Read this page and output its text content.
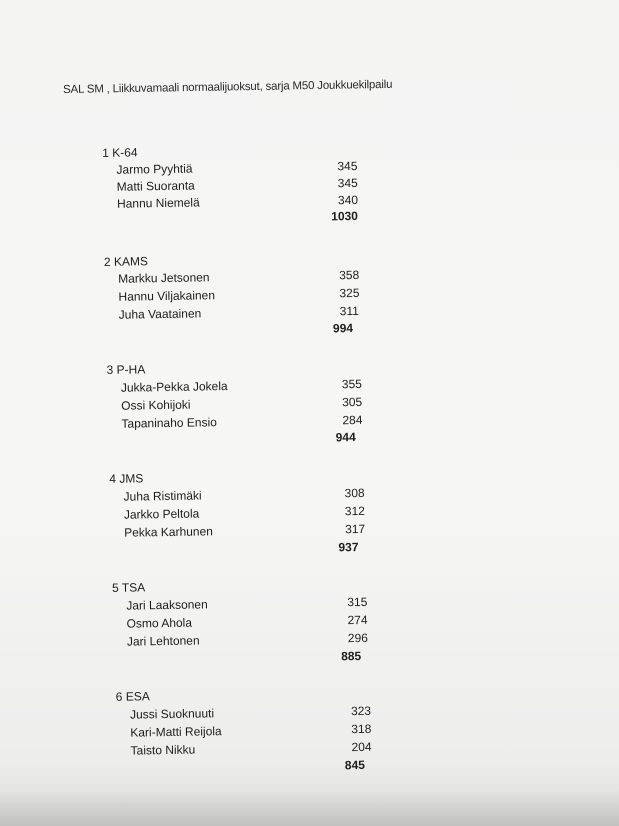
SAL SM , Liikkuvamaali normaalijuoksut, sarja M50 Joukkuekilpailu
1 K-64
Jarmo Pyyhtiä	345
Matti Suoranta	345
Hannu Niemelä	340
1030
2 KAMS
Markku Jetsonen	358
Hannu Viljakainen	325
Juha Vaatainen	311
994
3 P-HA
Jukka-Pekka Jokela	355
Ossi Kohijoki	305
Tapaninaho Ensio	284
944
4 JMS
Juha Ristimäki	308
Jarkko Peltola	312
Pekka Karhunen	317
937
5 TSA
Jari Laaksonen	315
Osmo Ahola	274
Jari Lehtonen	296
885
6 ESA
Jussi Suoknuuti	323
Kari-Matti Reijola	318
Taisto Nikku	204
845
